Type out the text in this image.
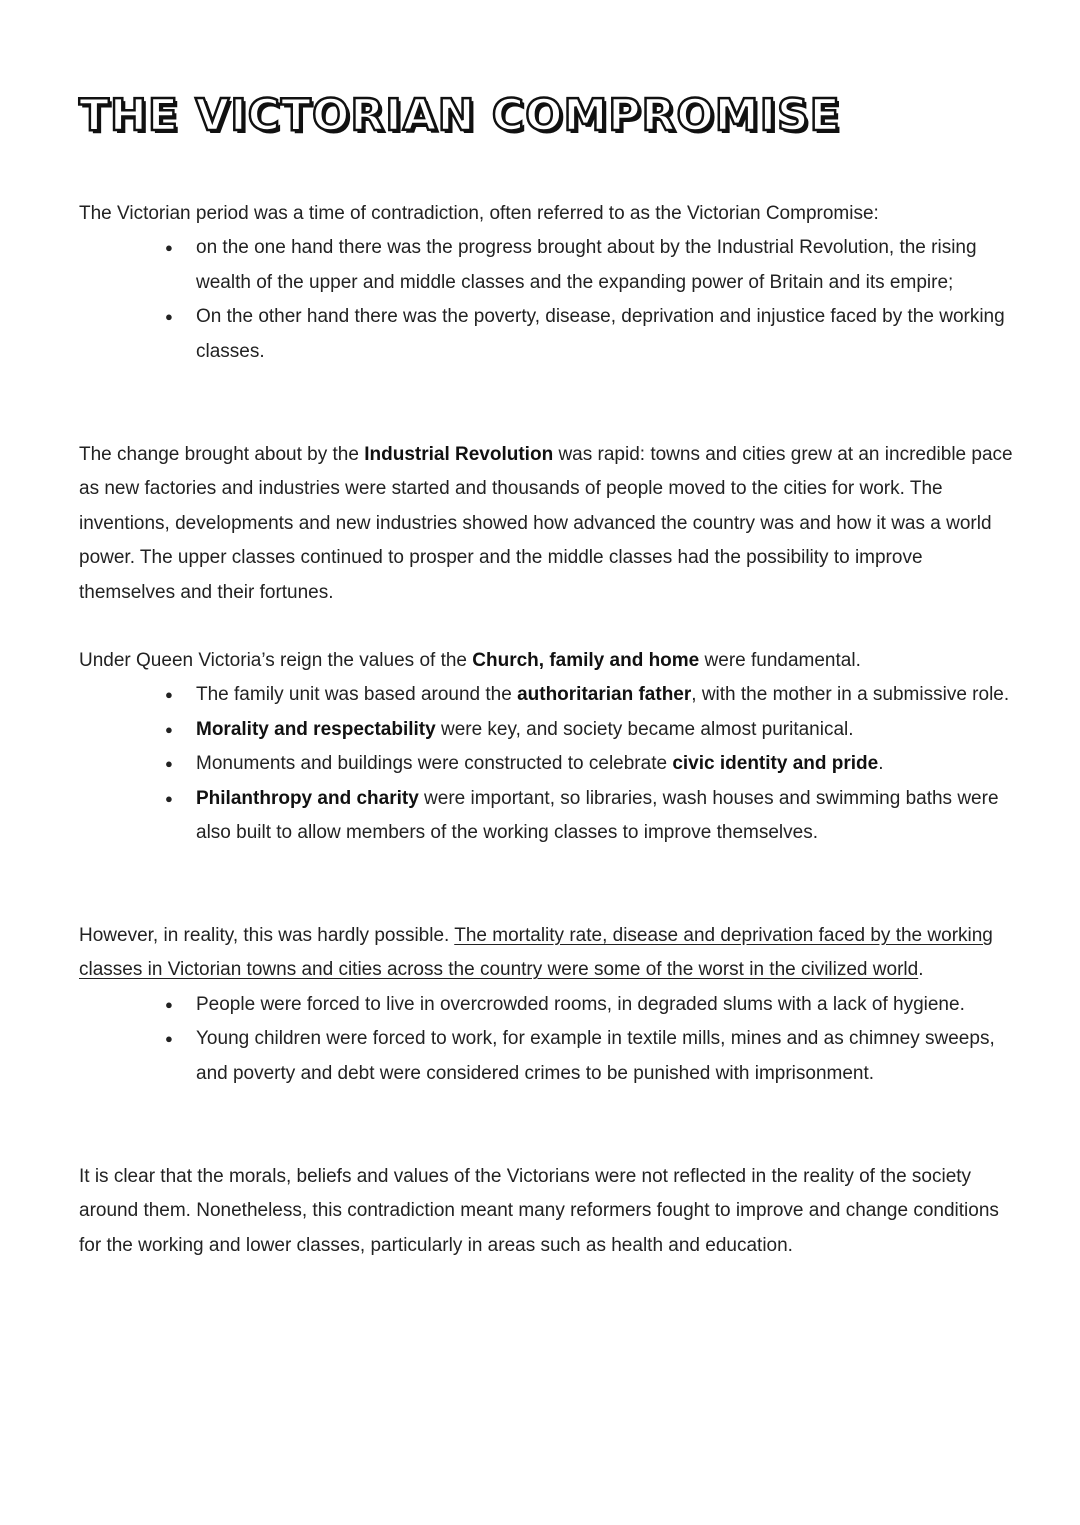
THE VICTORIAN COMPROMISE

The Victorian period was a time of contradiction, often referred to as the Victorian Compromise:

● on the one hand there was the progress brought about by the Industrial Revolution, the rising wealth of the upper and middle classes and the expanding power of Britain and its empire;
● On the other hand there was the poverty, disease, deprivation and injustice faced by the working classes.

The change brought about by the Industrial Revolution was rapid: towns and cities grew at an incredible pace as new factories and industries were started and thousands of people moved to the cities for work. The inventions, developments and new industries showed how advanced the country was and how it was a world power. The upper classes continued to prosper and the middle classes had the possibility to improve themselves and their fortunes.

Under Queen Victoria’s reign the values of the Church, family and home were fundamental.

● The family unit was based around the authoritarian father, with the mother in a submissive role.
● Morality and respectability were key, and society became almost puritanical.
● Monuments and buildings were constructed to celebrate civic identity and pride.
● Philanthropy and charity were important, so libraries, wash houses and swimming baths were also built to allow members of the working classes to improve themselves.

However, in reality, this was hardly possible. The mortality rate, disease and deprivation faced by the working classes in Victorian towns and cities across the country were some of the worst in the civilized world.

● People were forced to live in overcrowded rooms, in degraded slums with a lack of hygiene.
● Young children were forced to work, for example in textile mills, mines and as chimney sweeps, and poverty and debt were considered crimes to be punished with imprisonment.

It is clear that the morals, beliefs and values of the Victorians were not reflected in the reality of the society around them. Nonetheless, this contradiction meant many reformers fought to improve and change conditions for the working and lower classes, particularly in areas such as health and education.
